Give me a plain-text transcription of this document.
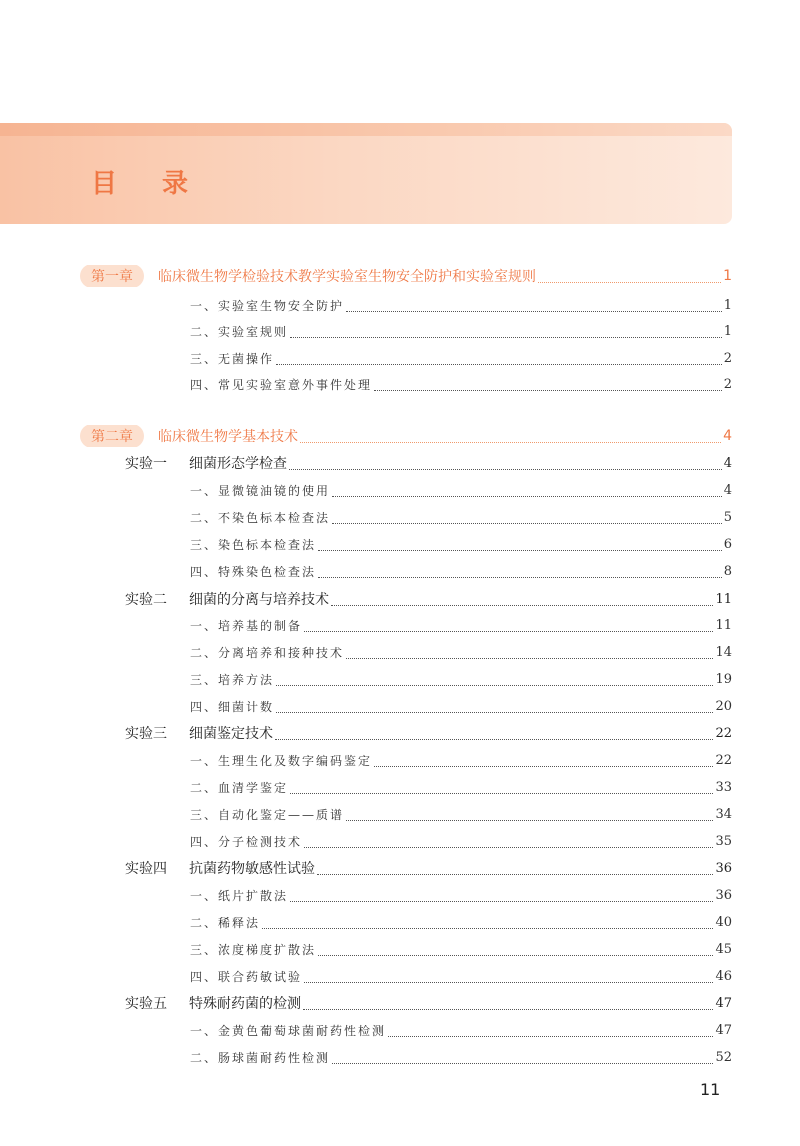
目 录
第一章 临床微生物学检验技术教学实验室生物安全防护和实验室规则	1
一、实验室生物安全防护	1
二、实验室规则	1
三、无菌操作	2
四、常见实验室意外事件处理	2
第二章 临床微生物学基本技术	4
实验一 细菌形态学检查	4
一、显微镜油镜的使用	4
二、不染色标本检查法	5
三、染色标本检查法	6
四、特殊染色检查法	8
实验二 细菌的分离与培养技术	11
一、培养基的制备	11
二、分离培养和接种技术	14
三、培养方法	19
四、细菌计数	20
实验三 细菌鉴定技术	22
一、生理生化及数字编码鉴定	22
二、血清学鉴定	33
三、自动化鉴定——质谱	34
四、分子检测技术	35
实验四 抗菌药物敏感性试验	36
一、纸片扩散法	36
二、稀释法	40
三、浓度梯度扩散法	45
四、联合药敏试验	46
实验五 特殊耐药菌的检测	47
一、金黄色葡萄球菌耐药性检测	47
二、肠球菌耐药性检测	52
11
